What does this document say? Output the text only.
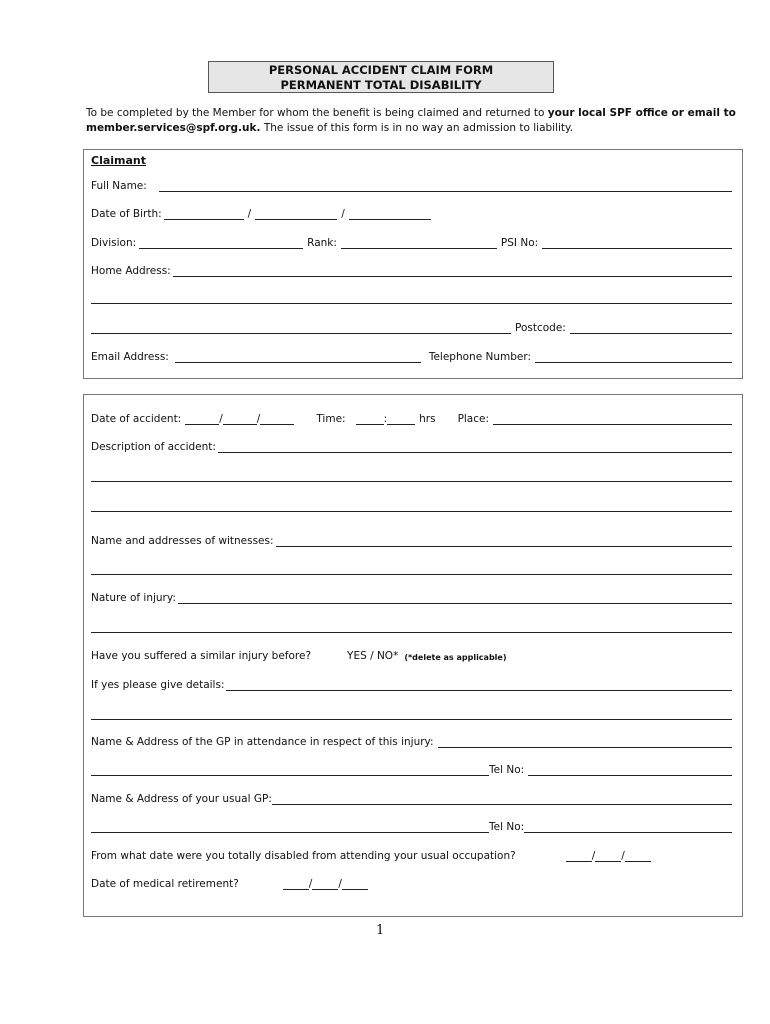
PERSONAL ACCIDENT CLAIM FORM
PERMANENT TOTAL DISABILITY
To be completed by the Member for whom the benefit is being claimed and returned to your local SPF office or email to member.services@spf.org.uk. The issue of this form is in no way an admission to liability.
Claimant
Full Name:
Date of Birth:	/	/
Division:	Rank:	PSI No:
Home Address:
Postcode:
Email Address:	Telephone Number:
Date of accident:	/	/	Time:	:	hrs	Place:
Description of accident:
Name and addresses of witnesses:
Nature of injury:
Have you suffered a similar injury before?	YES / NO* (*delete as applicable)
If yes please give details:
Name & Address of the GP in attendance in respect of this injury:
Tel No:
Name & Address of your usual GP:
Tel No:
From what date were you totally disabled from attending your usual occupation?	/ /
Date of medical retirement?	/ /
1
